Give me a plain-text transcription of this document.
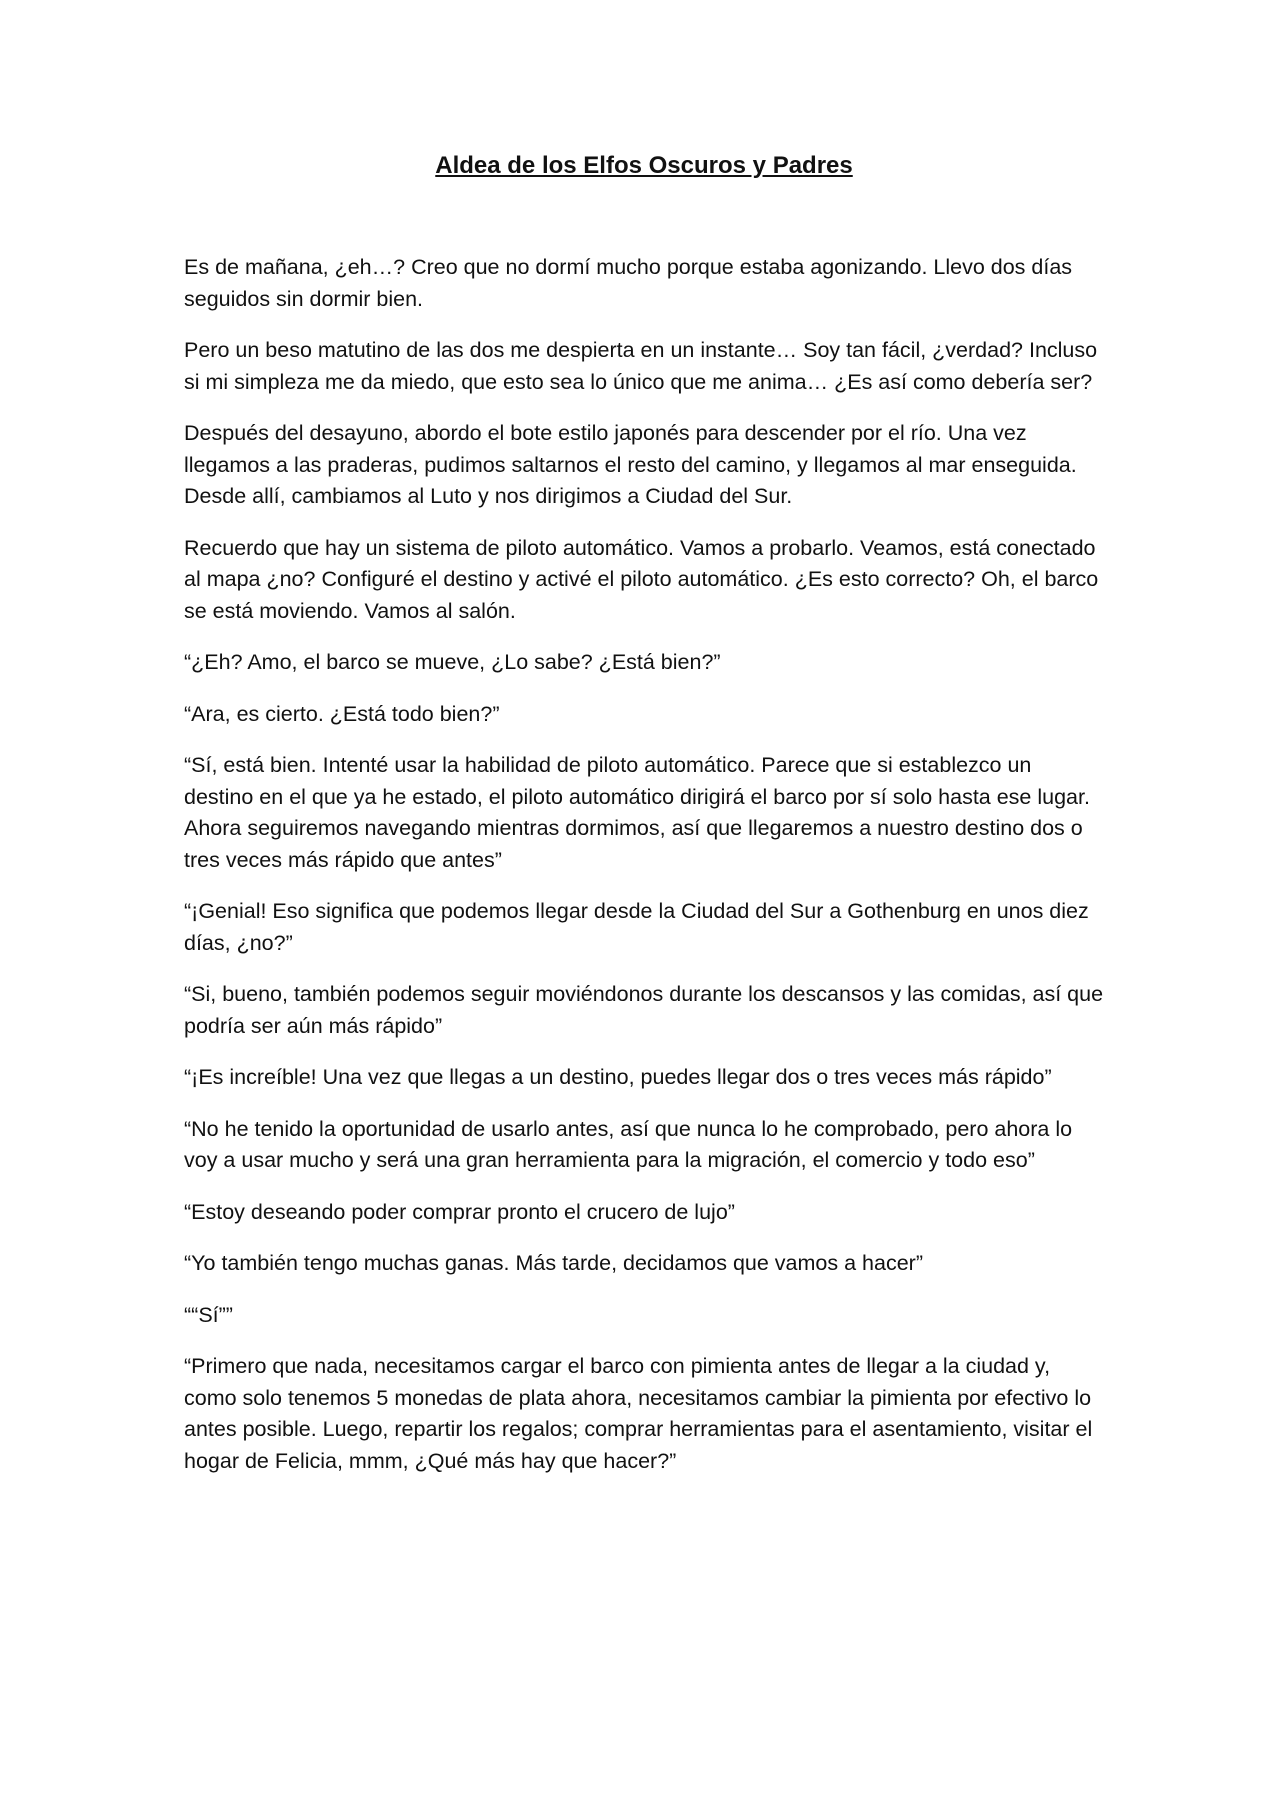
Aldea de los Elfos Oscuros y Padres

Es de mañana, ¿eh…? Creo que no dormí mucho porque estaba agonizando. Llevo dos días seguidos sin dormir bien.

Pero un beso matutino de las dos me despierta en un instante… Soy tan fácil, ¿verdad? Incluso si mi simpleza me da miedo, que esto sea lo único que me anima… ¿Es así como debería ser?

Después del desayuno, abordo el bote estilo japonés para descender por el río. Una vez llegamos a las praderas, pudimos saltarnos el resto del camino, y llegamos al mar enseguida. Desde allí, cambiamos al Luto y nos dirigimos a Ciudad del Sur.

Recuerdo que hay un sistema de piloto automático. Vamos a probarlo. Veamos, está conectado al mapa ¿no? Configuré el destino y activé el piloto automático. ¿Es esto correcto? Oh, el barco se está moviendo. Vamos al salón.

“¿Eh? Amo, el barco se mueve, ¿Lo sabe? ¿Está bien?”

“Ara, es cierto. ¿Está todo bien?”

“Sí, está bien. Intenté usar la habilidad de piloto automático. Parece que si establezco un destino en el que ya he estado, el piloto automático dirigirá el barco por sí solo hasta ese lugar. Ahora seguiremos navegando mientras dormimos, así que llegaremos a nuestro destino dos o tres veces más rápido que antes”

“¡Genial! Eso significa que podemos llegar desde la Ciudad del Sur a Gothenburg en unos diez días, ¿no?”

“Si, bueno, también podemos seguir moviéndonos durante los descansos y las comidas, así que podría ser aún más rápido”

“¡Es increíble! Una vez que llegas a un destino, puedes llegar dos o tres veces más rápido”

“No he tenido la oportunidad de usarlo antes, así que nunca lo he comprobado, pero ahora lo voy a usar mucho y será una gran herramienta para la migración, el comercio y todo eso”

“Estoy deseando poder comprar pronto el crucero de lujo”

“Yo también tengo muchas ganas. Más tarde, decidamos que vamos a hacer”

““Sí””

“Primero que nada, necesitamos cargar el barco con pimienta antes de llegar a la ciudad y, como solo tenemos 5 monedas de plata ahora, necesitamos cambiar la pimienta por efectivo lo antes posible. Luego, repartir los regalos; comprar herramientas para el asentamiento, visitar el hogar de Felicia, mmm, ¿Qué más hay que hacer?”
